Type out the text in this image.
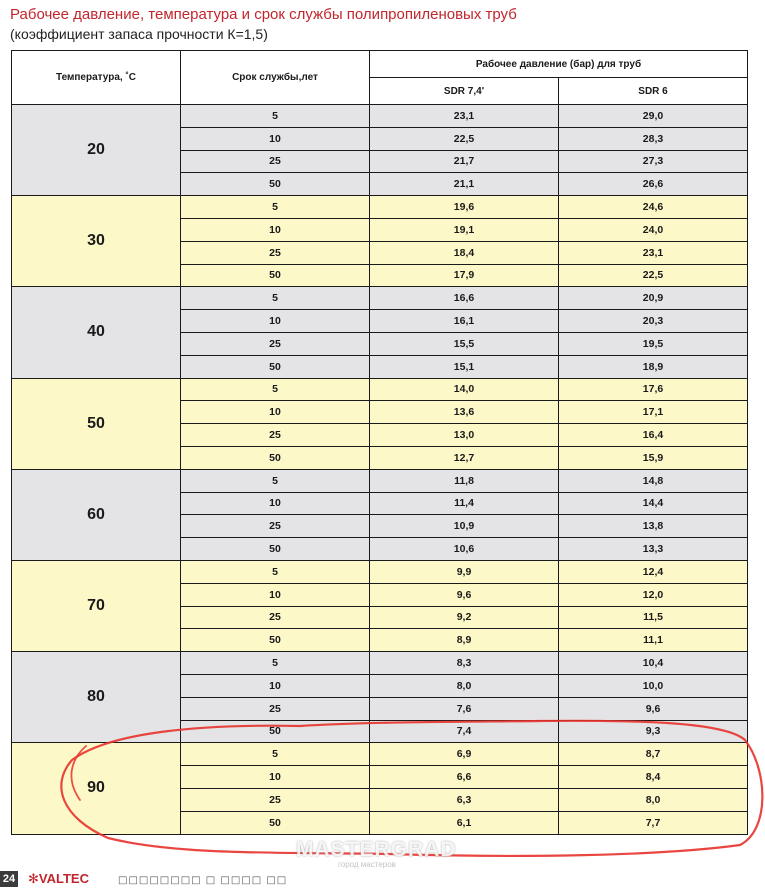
Рабочее давление, температура и срок службы полипропиленовых труб
(коэффициент запаса прочности К=1,5)
Температура, ˚С	Срок службы,лет	Рабочее давление (бар) для труб	
		SDR 7,4'	SDR 6
20	5	23,1	29,0
	10	22,5	28,3
	25	21,7	27,3
	50	21,1	26,6
30	5	19,6	24,6
	10	19,1	24,0
	25	18,4	23,1
	50	17,9	22,5
40	5	16,6	20,9
	10	16,1	20,3
	25	15,5	19,5
	50	15,1	18,9
50	5	14,0	17,6
	10	13,6	17,1
	25	13,0	16,4
	50	12,7	15,9
60	5	11,8	14,8
	10	11,4	14,4
	25	10,9	13,8
	50	10,6	13,3
70	5	9,9	12,4
	10	9,6	12,0
	25	9,2	11,5
	50	8,9	11,1
80	5	8,3	10,4
	10	8,0	10,0
	25	7,6	9,6
	50	7,4	9,3
90	5	6,9	8,7
	10	6,6	8,4
	25	6,3	8,0
	50	6,1	7,7
MASTERGRAD
город мастеров
24 ✻VALTEC	□□□□□□□□ □ □□□□ □□
